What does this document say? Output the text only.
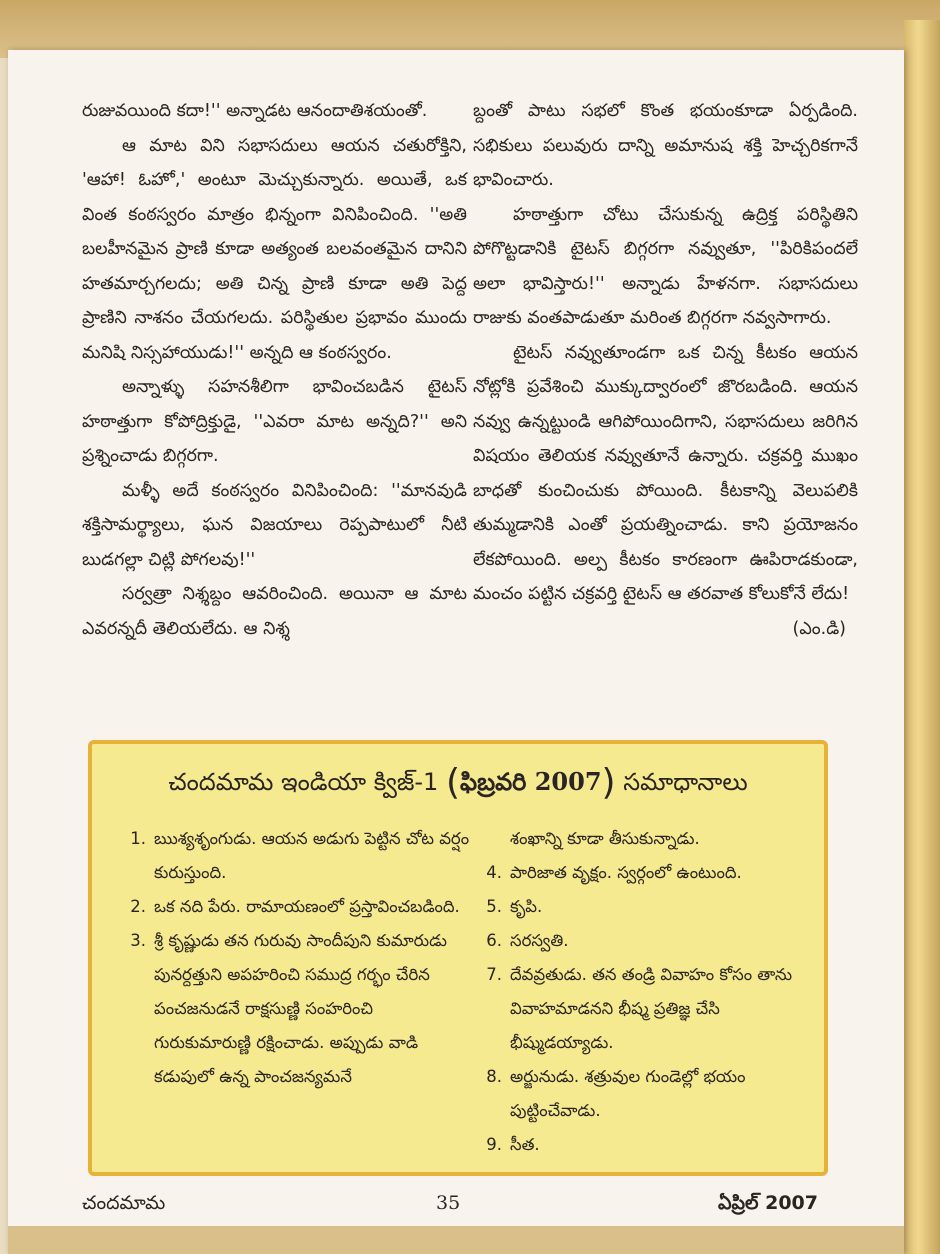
రుజువయింది కదా!'' అన్నాడట ఆనందాతిశయంతో.

ఆ మాట విని సభాసదులు ఆయన చతురోక్తిని, 'ఆహా! ఓహో,' అంటూ మెచ్చుకున్నారు. అయితే, ఒక వింత కంఠస్వరం మాత్రం భిన్నంగా వినిపించింది. ''అతి బలహీనమైన ప్రాణి కూడా అత్యంత బలవంతమైన దానిని హతమార్చగలదు; అతి చిన్న ప్రాణి కూడా అతి పెద్ద ప్రాణిని నాశనం చేయగలదు. పరిస్థితుల ప్రభావం ముందు మనిషి నిస్సహాయుడు!'' అన్నది ఆ కంఠస్వరం.

అన్నాళ్ళు సహనశీలిగా భావించబడిన టైటస్ హఠాత్తుగా కోపోద్రిక్తుడై, ''ఎవరా మాట అన్నది?'' అని ప్రశ్నించాడు బిగ్గరగా.

మళ్ళీ అదే కంఠస్వరం వినిపించింది: ''మానవుడి శక్తిసామర్థ్యాలు, ఘన విజయాలు రెప్పపాటులో నీటి బుడగల్లా చిట్లి పోగలవు!''

సర్వత్రా నిశ్శబ్దం ఆవరించింది. అయినా ఆ మాట ఎవరన్నదీ తెలియలేదు. ఆ నిశ్శ

బ్దంతో పాటు సభలో కొంత భయంకూడా ఏర్పడింది. సభికులు పలువురు దాన్ని అమానుష శక్తి హెచ్చరికగానే భావించారు.

హఠాత్తుగా చోటు చేసుకున్న ఉద్రిక్త పరిస్థితిని పోగొట్టడానికి టైటస్ బిగ్గరగా నవ్వుతూ, ''పిరికిపందలే అలా భావిస్తారు!'' అన్నాడు హేళనగా. సభాసదులు రాజుకు వంతపాడుతూ మరింత బిగ్గరగా నవ్వసాగారు.

టైటస్ నవ్వుతూండగా ఒక చిన్న కీటకం ఆయన నోట్లోకి ప్రవేశించి ముక్కుద్వారంలో జొరబడింది. ఆయన నవ్వు ఉన్నట్టుండి ఆగిపోయిందిగాని, సభాసదులు జరిగిన విషయం తెలియక నవ్వుతూనే ఉన్నారు. చక్రవర్తి ముఖం బాధతో కుంచించుకు పోయింది. కీటకాన్ని వెలుపలికి తుమ్మడానికి ఎంతో ప్రయత్నించాడు. కాని ప్రయోజనం లేకపోయింది. అల్ప కీటకం కారణంగా ఊపిరాడకుండా, మంచం పట్టిన చక్రవర్తి టైటస్ ఆ తరవాత కోలుకోనే లేదు!

(ఎం.డి)

చందమామ ఇండియా క్విజ్-1 (ఫిబ్రవరి 2007) సమాధానాలు
1. ఋశ్యశృంగుడు. ఆయన అడుగు పెట్టిన చోట వర్షం కురుస్తుంది.
2. ఒక నది పేరు. రామాయణంలో ప్రస్తావించబడింది.
3. శ్రీ కృష్ణుడు తన గురువు సాందీపుని కుమారుడు పునర్దత్తుని అపహరించి సముద్ర గర్భం చేరిన పంచజనుడనే రాక్షసుణ్ణి సంహరించి గురుకుమారుణ్ణి రక్షించాడు. అప్పుడు వాడి కడుపులో ఉన్న పాంచజన్యమనే
శంఖాన్ని కూడా తీసుకున్నాడు.
4. పారిజాత వృక్షం. స్వర్గంలో ఉంటుంది.
5. కృపి.
6. సరస్వతి.
7. దేవవ్రతుడు. తన తండ్రి వివాహం కోసం తాను వివాహమాడనని భీష్మ ప్రతిజ్ఞ చేసి భీష్ముడయ్యాడు.
8. అర్జునుడు. శత్రువుల గుండెల్లో భయం పుట్టించేవాడు.
9. సీత.
చందమామ	35	ఏప్రిల్ 2007
